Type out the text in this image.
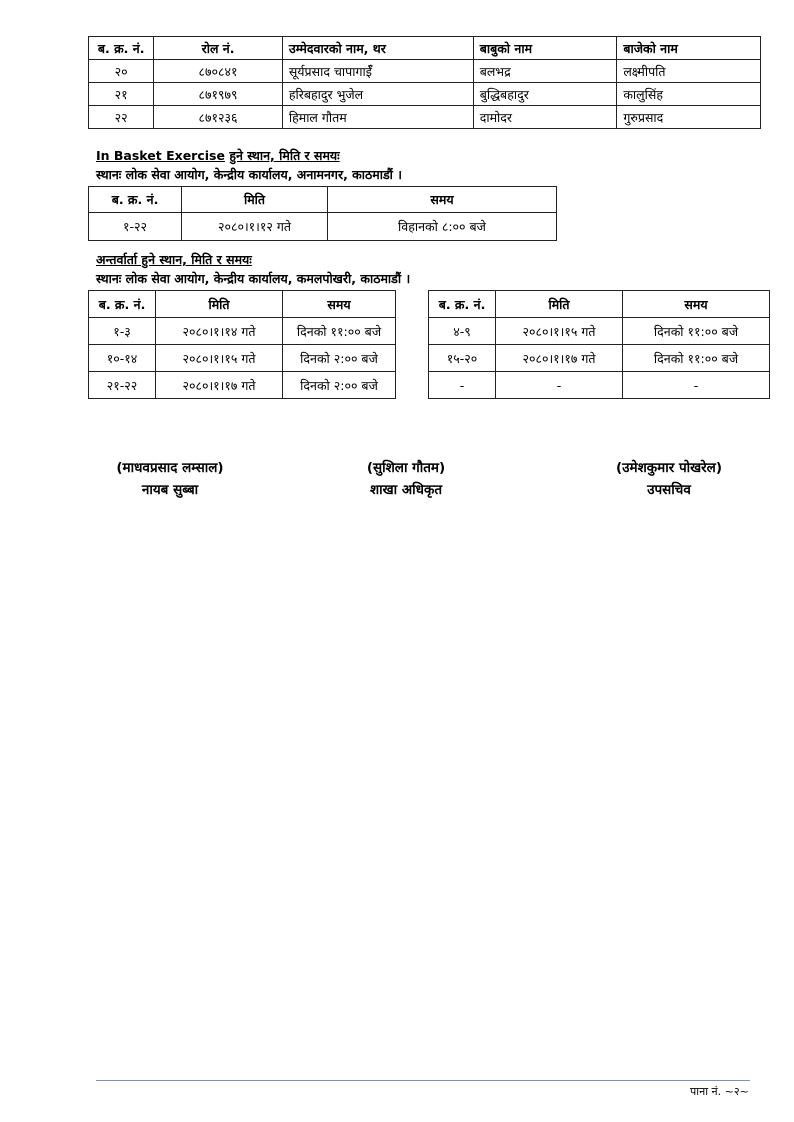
ब. क्र. नं.	रोल नं.	उम्मेदवारको नाम, थर	बाबुको नाम	बाजेको नाम
२०	८७०८४१	सूर्यप्रसाद चापागाईँ	बलभद्र	लक्ष्मीपति
२१	८७१९७९	हरिबहादुर भुजेल	बुद्धिबहादुर	कालुसिंह
२२	८७१२३६	हिमाल गौतम	दामोदर	गुरुप्रसाद
In Basket Exercise हुने स्थान, मिति र समयः
स्थानः लोक सेवा आयोग, केन्द्रीय कार्यालय, अनामनगर, काठमाडौं ।
ब. क्र. नं.	मिति	समय
१-२२	२०८०।१।१२ गते	विहानको ८:०० बजे
अन्तर्वार्ता हुने स्थान, मिति र समयः
स्थानः लोक सेवा आयोग, केन्द्रीय कार्यालय, कमलपोखरी, काठमाडौं ।
ब. क्र. नं.	मिति	समय
१-३	२०८०।१।१४ गते	दिनको ११:०० बजे
१०-१४	२०८०।१।१५ गते	दिनको २:०० बजे
२१-२२	२०८०।१।१७ गते	दिनको २:०० बजे
ब. क्र. नं.	मिति	समय
४-९	२०८०।१।१५ गते	दिनको ११:०० बजे
१५-२०	२०८०।१।१७ गते	दिनको ११:०० बजे
-	-	-
(माधवप्रसाद लम्साल)
नायब सुब्बा
(सुशिला गौतम)
शाखा अधिकृत
(उमेशकुमार पोखरेल)
उपसचिव
पाना नं. ~२~
